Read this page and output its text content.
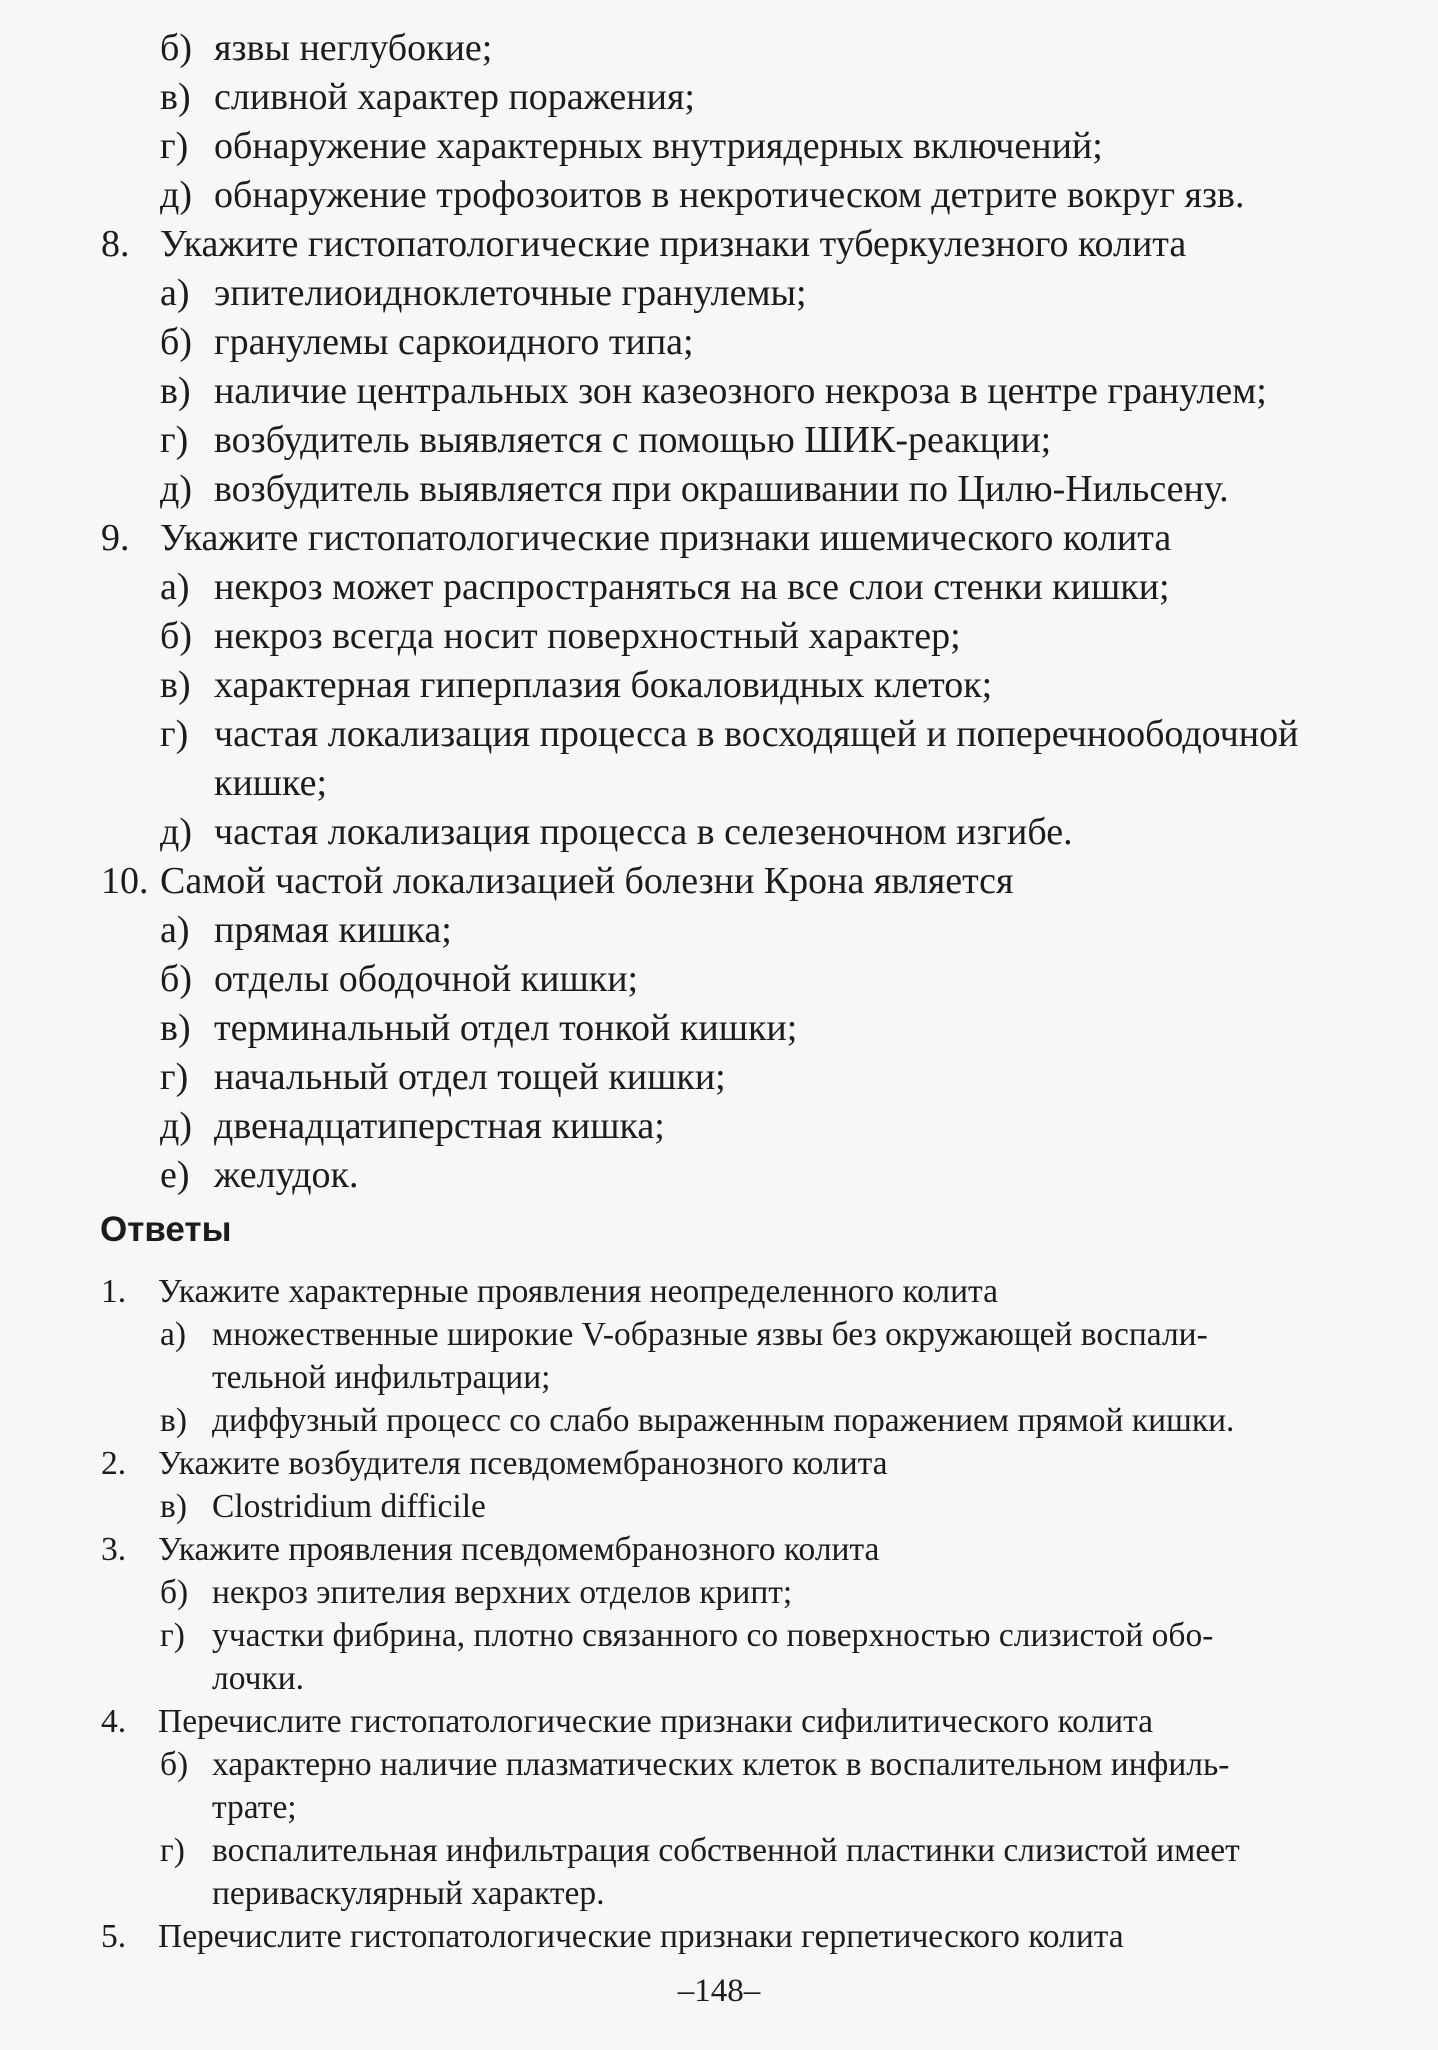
б) язвы неглубокие;
в) сливной характер поражения;
г) обнаружение характерных внутриядерных включений;
д) обнаружение трофозоитов в некротическом детрите вокруг язв.
8. Укажите гистопатологические признаки туберкулезного колита
а) эпителиоидноклеточные гранулемы;
б) гранулемы саркоидного типа;
в) наличие центральных зон казеозного некроза в центре гранулем;
г) возбудитель выявляется с помощью ШИК-реакции;
д) возбудитель выявляется при окрашивании по Цилю-Нильсену.
9. Укажите гистопатологические признаки ишемического колита
а) некроз может распространяться на все слои стенки кишки;
б) некроз всегда носит поверхностный характер;
в) характерная гиперплазия бокаловидных клеток;
г) частая локализация процесса в восходящей и поперечноободочной
кишке;
д) частая локализация процесса в селезеночном изгибе.
10. Самой частой локализацией болезни Крона является
а) прямая кишка;
б) отделы ободочной кишки;
в) терминальный отдел тонкой кишки;
г) начальный отдел тощей кишки;
д) двенадцатиперстная кишка;
е) желудок.
Ответы
1. Укажите характерные проявления неопределенного колита
а) множественные широкие V-образные язвы без окружающей воспали-
тельной инфильтрации;
в) диффузный процесс со слабо выраженным поражением прямой кишки.
2. Укажите возбудителя псевдомембранозного колита
в) Clostridium difficile
3. Укажите проявления псевдомембранозного колита
б) некроз эпителия верхних отделов крипт;
г) участки фибрина, плотно связанного со поверхностью слизистой обо-
лочки.
4. Перечислите гистопатологические признаки сифилитического колита
б) характерно наличие плазматических клеток в воспалительном инфиль-
трате;
г) воспалительная инфильтрация собственной пластинки слизистой имеет
периваскулярный характер.
5. Перечислите гистопатологические признаки герпетического колита
–148–
